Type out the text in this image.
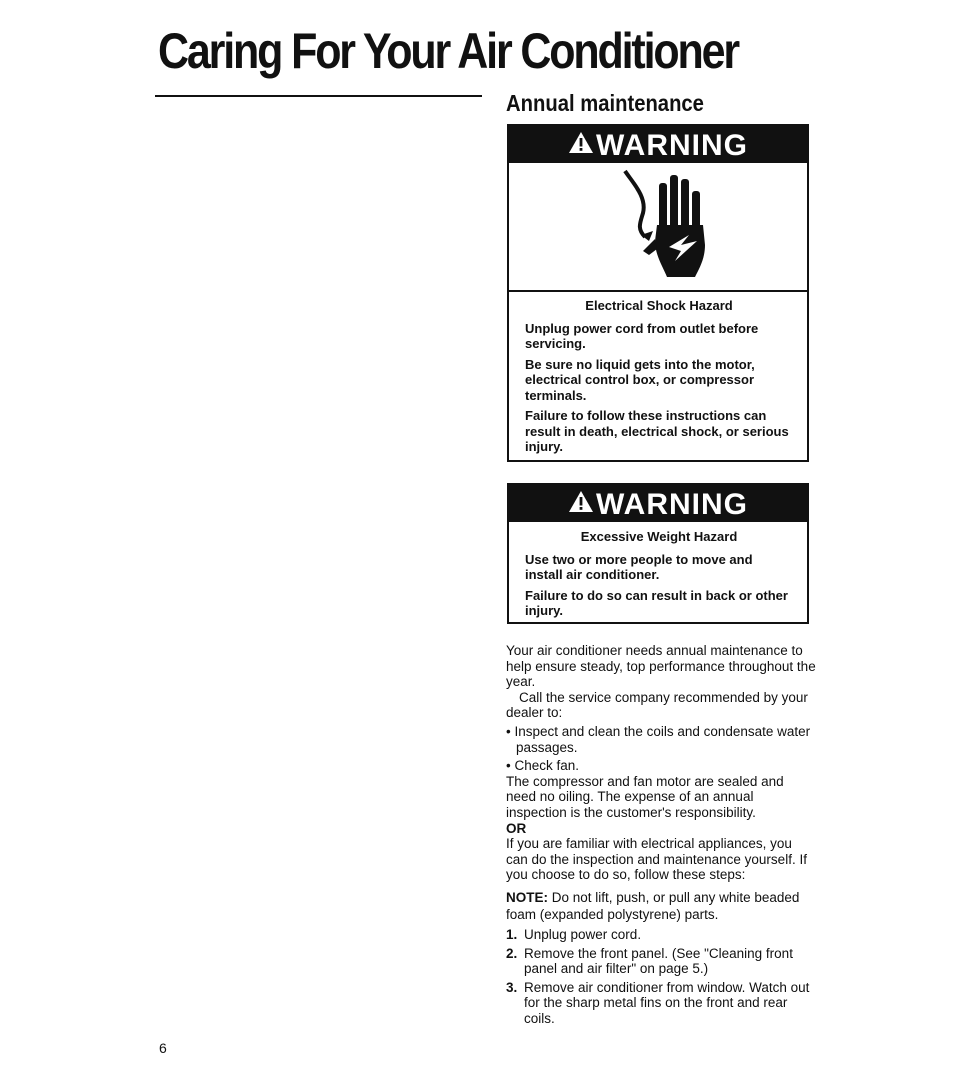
Caring For Your Air Conditioner
Annual maintenance
WARNING

Electrical Shock Hazard

Unplug power cord from outlet before servicing.

Be sure no liquid gets into the motor, electrical control box, or compressor terminals.

Failure to follow these instructions can result in death, electrical shock, or serious injury.

WARNING

Excessive Weight Hazard

Use two or more people to move and install air conditioner.

Failure to do so can result in back or other injury.

Your air conditioner needs annual maintenance to help ensure steady, top performance throughout the year.

Call the service company recommended by your dealer to:

• Inspect and clean the coils and condensate water passages.

• Check fan.

The compressor and fan motor are sealed and need no oiling. The expense of an annual inspection is the customer's responsibility.

OR

If you are familiar with electrical appliances, you can do the inspection and maintenance yourself. If you choose to do so, follow these steps:

NOTE: Do not lift, push, or pull any white beaded foam (expanded polystyrene) parts.

1. Unplug power cord.
2. Remove the front panel. (See "Cleaning front panel and air filter" on page 5.)
3. Remove air conditioner from window. Watch out for the sharp metal fins on the front and rear coils.
6
